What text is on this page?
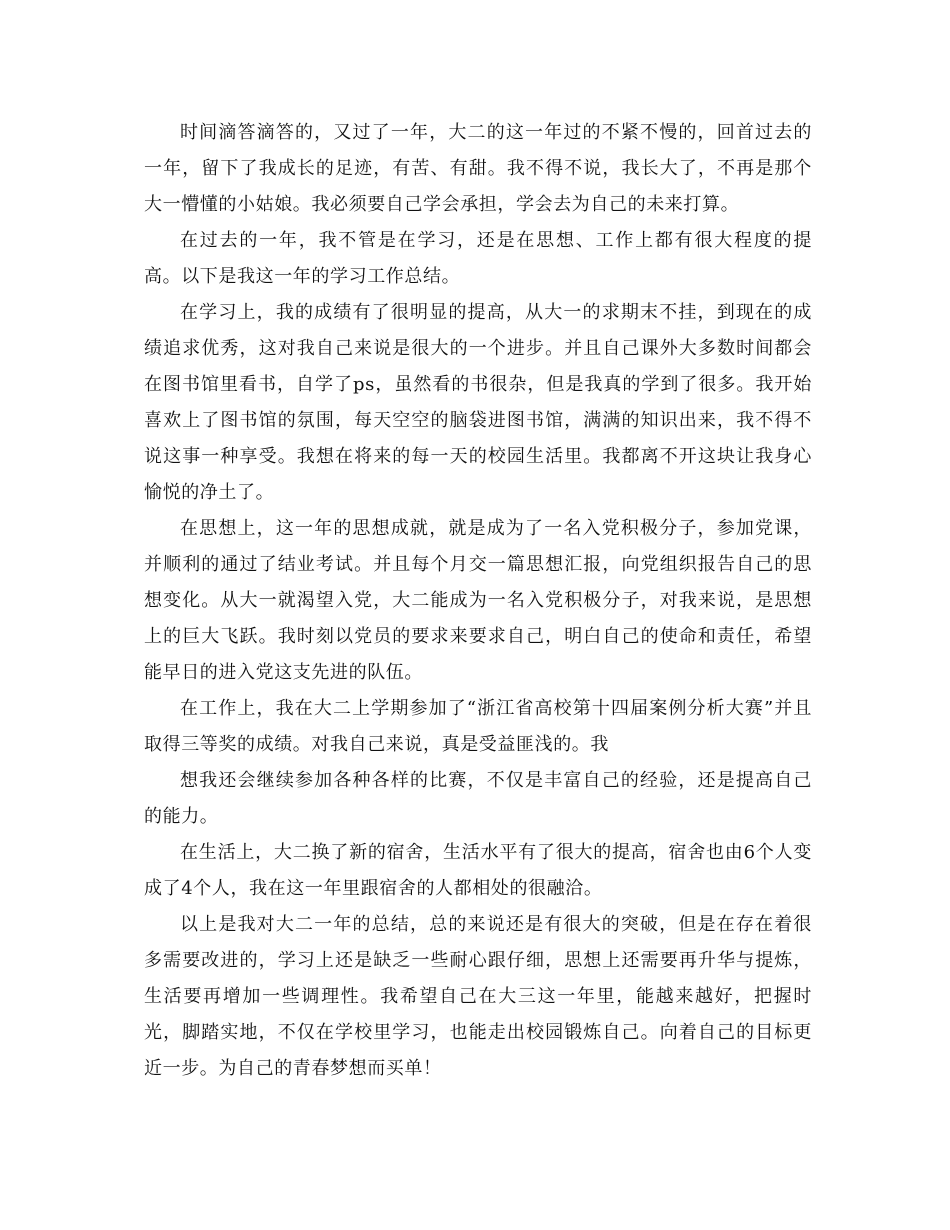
时间滴答滴答的，又过了一年，大二的这一年过的不紧不慢的，回首过去的一年，留下了我成长的足迹，有苦、有甜。我不得不说，我长大了，不再是那个大一懵懂的小姑娘。我必须要自己学会承担，学会去为自己的未来打算。

在过去的一年，我不管是在学习，还是在思想、工作上都有很大程度的提高。以下是我这一年的学习工作总结。

在学习上，我的成绩有了很明显的提高，从大一的求期末不挂，到现在的成绩追求优秀，这对我自己来说是很大的一个进步。并且自己课外大多数时间都会在图书馆里看书，自学了ps，虽然看的书很杂，但是我真的学到了很多。我开始喜欢上了图书馆的氛围，每天空空的脑袋进图书馆，满满的知识出来，我不得不说这事一种享受。我想在将来的每一天的校园生活里。我都离不开这块让我身心愉悦的净土了。

在思想上，这一年的思想成就，就是成为了一名入党积极分子，参加党课，并顺利的通过了结业考试。并且每个月交一篇思想汇报，向党组织报告自己的思想变化。从大一就渴望入党，大二能成为一名入党积极分子，对我来说，是思想上的巨大飞跃。我时刻以党员的要求来要求自己，明白自己的使命和责任，希望能早日的进入党这支先进的队伍。

在工作上，我在大二上学期参加了“浙江省高校第十四届案例分析大赛”并且取得三等奖的成绩。对我自己来说，真是受益匪浅的。我

想我还会继续参加各种各样的比赛，不仅是丰富自己的经验，还是提高自己的能力。

在生活上，大二换了新的宿舍，生活水平有了很大的提高，宿舍也由6个人变成了4个人，我在这一年里跟宿舍的人都相处的很融洽。

以上是我对大二一年的总结，总的来说还是有很大的突破，但是在存在着很多需要改进的，学习上还是缺乏一些耐心跟仔细，思想上还需要再升华与提炼，生活要再增加一些调理性。我希望自己在大三这一年里，能越来越好，把握时光，脚踏实地，不仅在学校里学习，也能走出校园锻炼自己。向着自己的目标更近一步。为自己的青春梦想而买单！
